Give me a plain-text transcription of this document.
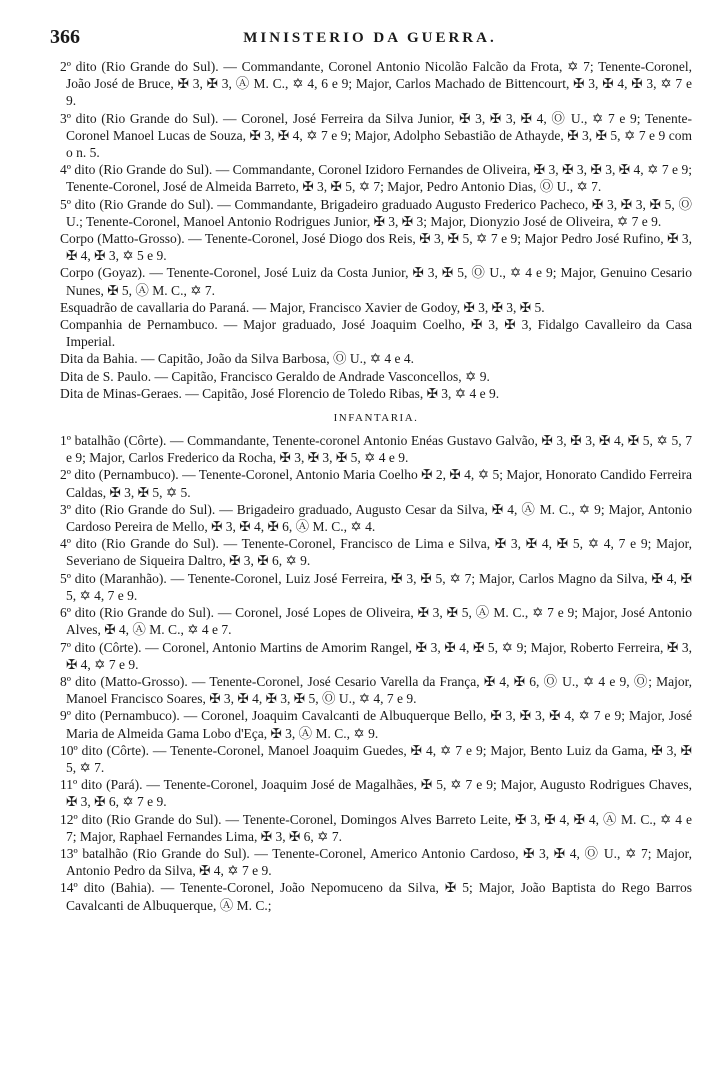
366	MINISTERIO DA GUERRA.

2º dito (Rio Grande do Sul). — Commandante, Coronel Antonio Nicolão Falcão da Frota, ✡ 7; Tenente-Coronel, João José de Bruce, ✠ 3, ✠ 3, Ⓐ M. C., ✡ 4, 6 e 9; Major, Carlos Machado de Bittencourt, ✠ 3, ✠ 4, ✠ 3, ✡ 7 e 9.

3º dito (Rio Grande do Sul). — Coronel, José Ferreira da Silva Junior, ✠ 3, ✠ 3, ✠ 4, Ⓞ U., ✡ 7 e 9; Tenente-Coronel Manoel Lucas de Souza, ✠ 3, ✠ 4, ✡ 7 e 9; Major, Adolpho Sebastião de Athayde, ✠ 3, ✠ 5, ✡ 7 e 9 com o n. 5.

4º dito (Rio Grande do Sul). — Commandante, Coronel Izidoro Fernandes de Oliveira, ✠ 3, ✠ 3, ✠ 3, ✠ 4, ✡ 7 e 9; Tenente-Coronel, José de Almeida Barreto, ✠ 3, ✠ 5, ✡ 7; Major, Pedro Antonio Dias, Ⓞ U., ✡ 7.

5º dito (Rio Grande do Sul). — Commandante, Brigadeiro graduado Augusto Frederico Pacheco, ✠ 3, ✠ 3, ✠ 5, Ⓞ U.; Tenente-Coronel, Manoel Antonio Rodrigues Junior, ✠ 3, ✠ 3; Major, Dionyzio José de Oliveira, ✡ 7 e 9.

Corpo (Matto-Grosso). — Tenente-Coronel, José Diogo dos Reis, ✠ 3, ✠ 5, ✡ 7 e 9; Major Pedro José Rufino, ✠ 3, ✠ 4, ✠ 3, ✡ 5 e 9.

Corpo (Goyaz). — Tenente-Coronel, José Luiz da Costa Junior, ✠ 3, ✠ 5, Ⓞ U., ✡ 4 e 9; Major, Genuino Cesario Nunes, ✠ 5, Ⓐ M. C., ✡ 7.

Esquadrão de cavallaria do Paraná. — Major, Francisco Xavier de Godoy, ✠ 3, ✠ 3, ✠ 5.

Companhia de Pernambuco. — Major graduado, José Joaquim Coelho, ✠ 3, ✠ 3, Fidalgo Cavalleiro da Casa Imperial.

Dita da Bahia. — Capitão, João da Silva Barbosa, Ⓞ U., ✡ 4 e 4.

Dita de S. Paulo. — Capitão, Francisco Geraldo de Andrade Vasconcellos, ✡ 9.

Dita de Minas-Geraes. — Capitão, José Florencio de Toledo Ribas, ✠ 3, ✡ 4 e 9.

INFANTARIA.

1º batalhão (Côrte). — Commandante, Tenente-coronel Antonio Enéas Gustavo Galvão, ✠ 3, ✠ 3, ✠ 4, ✠ 5, ✡ 5, 7 e 9; Major, Carlos Frederico da Rocha, ✠ 3, ✠ 3, ✠ 5, ✡ 4 e 9.

2º dito (Pernambuco). — Tenente-Coronel, Antonio Maria Coelho ✠ 2, ✠ 4, ✡ 5; Major, Honorato Candido Ferreira Caldas, ✠ 3, ✠ 5, ✡ 5.

3º dito (Rio Grande do Sul). — Brigadeiro graduado, Augusto Cesar da Silva, ✠ 4, Ⓐ M. C., ✡ 9; Major, Antonio Cardoso Pereira de Mello, ✠ 3, ✠ 4, ✠ 6, Ⓐ M. C., ✡ 4.

4º dito (Rio Grande do Sul). — Tenente-Coronel, Francisco de Lima e Silva, ✠ 3, ✠ 4, ✠ 5, ✡ 4, 7 e 9; Major, Severiano de Siqueira Daltro, ✠ 3, ✠ 6, ✡ 9.

5º dito (Maranhão). — Tenente-Coronel, Luiz José Ferreira, ✠ 3, ✠ 5, ✡ 7; Major, Carlos Magno da Silva, ✠ 4, ✠ 5, ✡ 4, 7 e 9.

6º dito (Rio Grande do Sul). — Coronel, José Lopes de Oliveira, ✠ 3, ✠ 5, Ⓐ M. C., ✡ 7 e 9; Major, José Antonio Alves, ✠ 4, Ⓐ M. C., ✡ 4 e 7.

7º dito (Côrte). — Coronel, Antonio Martins de Amorim Rangel, ✠ 3, ✠ 4, ✠ 5, ✡ 9; Major, Roberto Ferreira, ✠ 3, ✠ 4, ✡ 7 e 9.

8º dito (Matto-Grosso). — Tenente-Coronel, José Cesario Varella da França, ✠ 4, ✠ 6, Ⓞ U., ✡ 4 e 9, Ⓞ; Major, Manoel Francisco Soares, ✠ 3, ✠ 4, ✠ 3, ✠ 5, Ⓞ U., ✡ 4, 7 e 9.

9º dito (Pernambuco). — Coronel, Joaquim Cavalcanti de Albuquerque Bello, ✠ 3, ✠ 3, ✠ 4, ✡ 7 e 9; Major, José Maria de Almeida Gama Lobo d'Eça, ✠ 3, Ⓐ M. C., ✡ 9.

10º dito (Côrte). — Tenente-Coronel, Manoel Joaquim Guedes, ✠ 4, ✡ 7 e 9; Major, Bento Luiz da Gama, ✠ 3, ✠ 5, ✡ 7.

11º dito (Pará). — Tenente-Coronel, Joaquim José de Magalhães, ✠ 5, ✡ 7 e 9; Major, Augusto Rodrigues Chaves, ✠ 3, ✠ 6, ✡ 7 e 9.

12º dito (Rio Grande do Sul). — Tenente-Coronel, Domingos Alves Barreto Leite, ✠ 3, ✠ 4, ✠ 4, Ⓐ M. C., ✡ 4 e 7; Major, Raphael Fernandes Lima, ✠ 3, ✠ 6, ✡ 7.

13º batalhão (Rio Grande do Sul). — Tenente-Coronel, Americo Antonio Cardoso, ✠ 3, ✠ 4, Ⓞ U., ✡ 7; Major, Antonio Pedro da Silva, ✠ 4, ✡ 7 e 9.

14º dito (Bahia). — Tenente-Coronel, João Nepomuceno da Silva, ✠ 5; Major, João Baptista do Rego Barros Cavalcanti de Albuquerque, Ⓐ M. C.;
